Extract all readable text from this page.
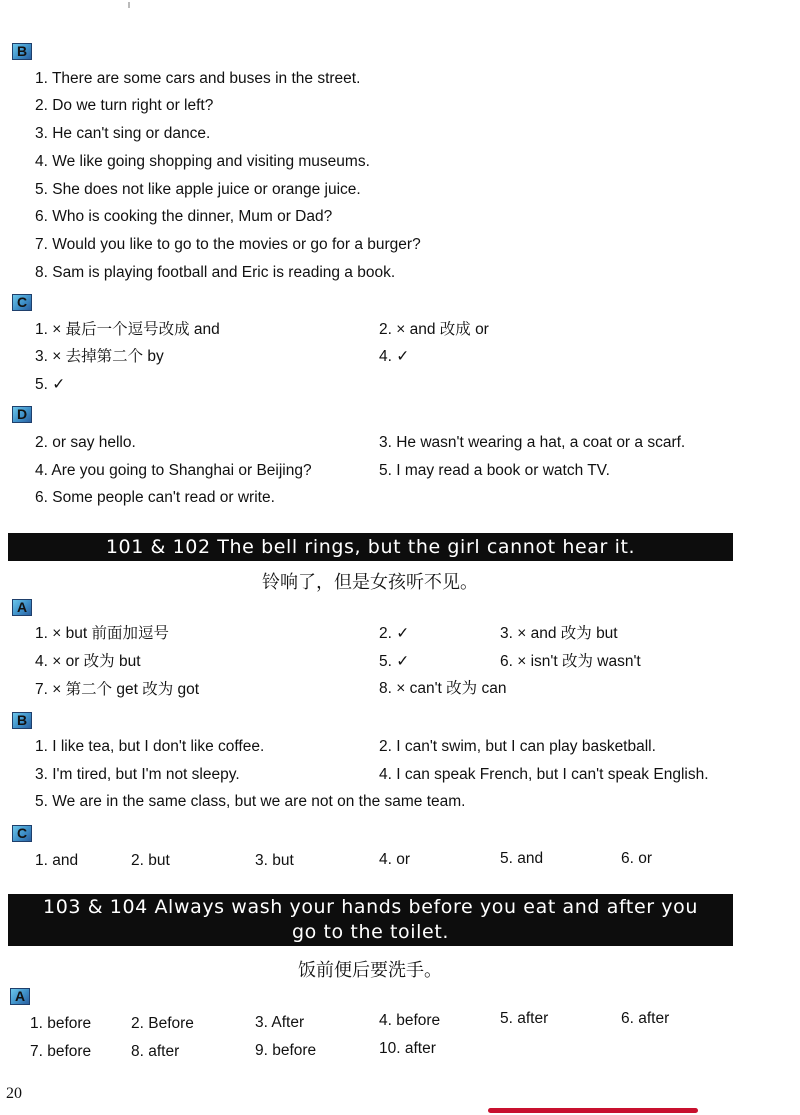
B
1. There are some cars and buses in the street.
2. Do we turn right or left?
3. He can't sing or dance.
4. We like going shopping and visiting museums.
5. She does not like apple juice or orange juice.
6. Who is cooking the dinner, Mum or Dad?
7. Would you like to go to the movies or go for a burger?
8. Sam is playing football and Eric is reading a book.
C
1. × 最后一个逗号改成 and	2. × and 改成 or
3. × 去掉第二个 by	4. ✓
5. ✓
D
2. or say hello.	3. He wasn't wearing a hat, a coat or a scarf.
4. Are you going to Shanghai or Beijing?	5. I may read a book or watch TV.
6. Some people can't read or write.
101 & 102 The bell rings, but the girl cannot hear it.
铃响了，但是女孩听不见。
A
1. × but 前面加逗号	2. ✓	3. × and 改为 but
4. × or 改为 but	5. ✓	6. × isn't 改为 wasn't
7. × 第二个 get 改为 got	8. × can't 改为 can
B
1. I like tea, but I don't like coffee.	2. I can't swim, but I can play basketball.
3. I'm tired, but I'm not sleepy.	4. I can speak French, but I can't speak English.
5. We are in the same class, but we are not on the same team.
C
1. and	2. but	3. but	4. or	5. and	6. or
103 & 104 Always wash your hands before you eat and after you
go to the toilet.
饭前便后要洗手。
A
1. before	2. Before	3. After	4. before	5. after	6. after
7. before	8. after	9. before	10. after
20
